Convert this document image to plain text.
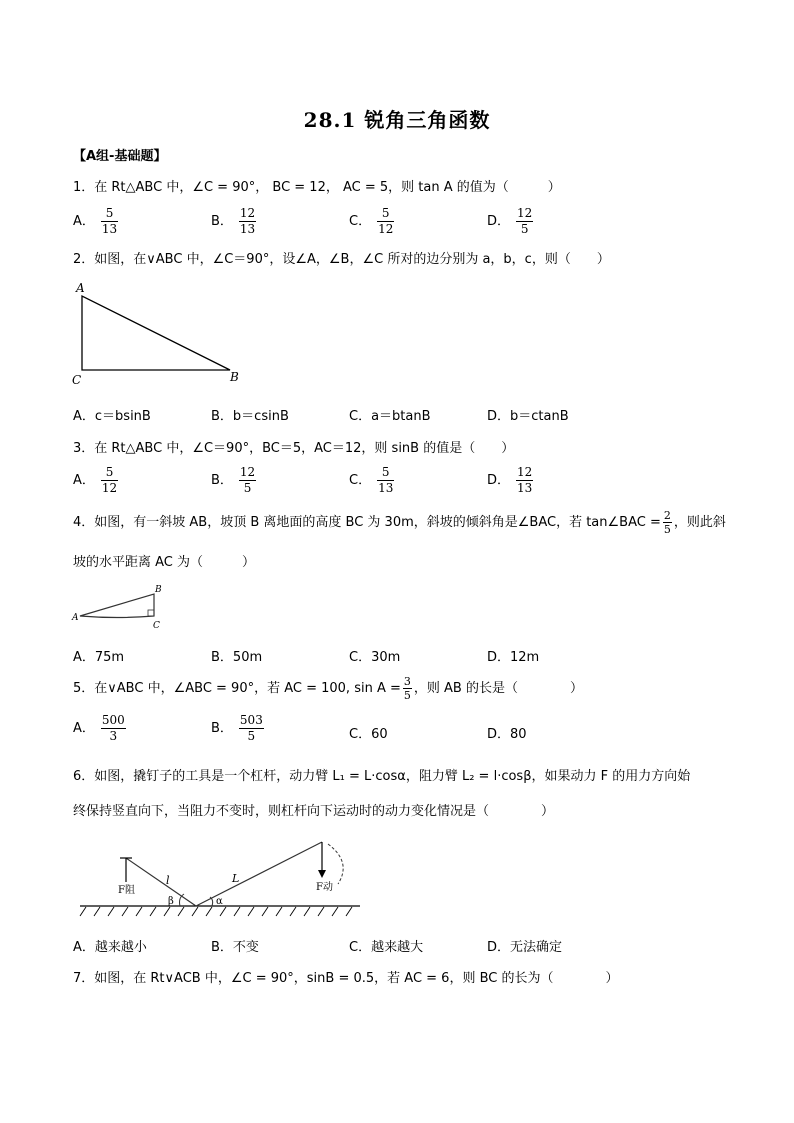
28.1 锐角三角函数
【A组-基础题】
1．在 Rt△ABC 中，∠C = 90°， BC = 12， AC = 5，则 tan A 的值为（　　　）
A． $\frac{5}{13}$	B． $\frac{12}{13}$	C． $\frac{5}{12}$	D． $\frac{12}{5}$
2．如图，在∨ABC 中，∠C＝90°，设∠A，∠B，∠C 所对的边分别为 a，b，c，则（　　）
A
C	B
A．c＝bsinB	B．b＝csinB	C．a＝btanB	D．b＝ctanB
3．在 Rt△ABC 中，∠C＝90°，BC＝5，AC＝12，则 sinB 的值是（　　）
A． $\frac{5}{12}$	B． $\frac{12}{5}$	C． $\frac{5}{13}$	D． $\frac{12}{13}$
4．如图，有一斜坡 AB，坡顶 B 离地面的高度 BC 为 30m，斜坡的倾斜角是∠BAC，若 tan∠BAC = $\frac{2}{5}$ ，则此斜
坡的水平距离 AC 为（　　　）
A
B
C
A．75m	B．50m	C．30m	D．12m
5．在∨ABC 中，∠ABC = 90°，若 AC = 100, $\sin A = \frac{3}{5}$ ，则 AB 的长是（　　　　）
A． $\frac{500}{3}$	B． $\frac{503}{5}$	C．60	D．80
6．如图，撬钉子的工具是一个杠杆，动力臂 L₁ = L·cosα，阻力臂 L₂ = l·cosβ，如果动力 F 的用力方向始
终保持竖直向下，当阻力不变时，则杠杆向下运动时的动力变化情况是（　　　　）
F阻	F动
l	L
β	α
A．越来越小	B．不变	C．越来越大	D．无法确定
7．如图，在 Rt∨ACB 中，∠C = 90°，sinB = 0.5，若 AC = 6，则 BC 的长为（　　　　）
